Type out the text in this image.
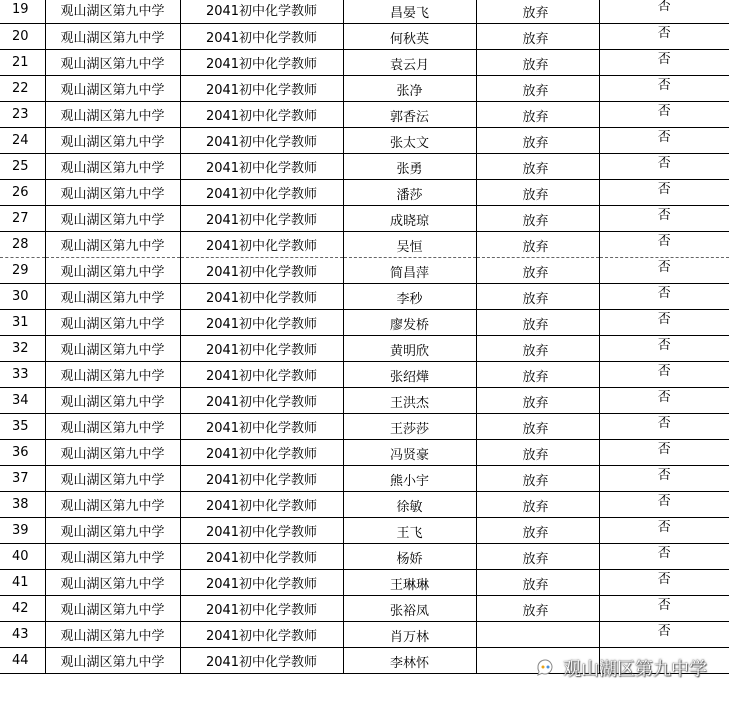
19	观山湖区第九中学	2041初中化学教师	昌晏飞	放弃	否
20	观山湖区第九中学	2041初中化学教师	何秋英	放弃	否
21	观山湖区第九中学	2041初中化学教师	袁云月	放弃	否
22	观山湖区第九中学	2041初中化学教师	张净	放弃	否
23	观山湖区第九中学	2041初中化学教师	郭香沄	放弃	否
24	观山湖区第九中学	2041初中化学教师	张太文	放弃	否
25	观山湖区第九中学	2041初中化学教师	张勇	放弃	否
26	观山湖区第九中学	2041初中化学教师	潘莎	放弃	否
27	观山湖区第九中学	2041初中化学教师	成晓琼	放弃	否
28	观山湖区第九中学	2041初中化学教师	吴恒	放弃	否
29	观山湖区第九中学	2041初中化学教师	简昌萍	放弃	否
30	观山湖区第九中学	2041初中化学教师	李秒	放弃	否
31	观山湖区第九中学	2041初中化学教师	廖发桥	放弃	否
32	观山湖区第九中学	2041初中化学教师	黄明欣	放弃	否
33	观山湖区第九中学	2041初中化学教师	张绍燁	放弃	否
34	观山湖区第九中学	2041初中化学教师	王洪杰	放弃	否
35	观山湖区第九中学	2041初中化学教师	王莎莎	放弃	否
36	观山湖区第九中学	2041初中化学教师	冯贤豪	放弃	否
37	观山湖区第九中学	2041初中化学教师	熊小宇	放弃	否
38	观山湖区第九中学	2041初中化学教师	徐敏	放弃	否
39	观山湖区第九中学	2041初中化学教师	王飞	放弃	否
40	观山湖区第九中学	2041初中化学教师	杨娇	放弃	否
41	观山湖区第九中学	2041初中化学教师	王琳琳	放弃	否
42	观山湖区第九中学	2041初中化学教师	张裕凤	放弃	否
43	观山湖区第九中学	2041初中化学教师	肖万林		否
44	观山湖区第九中学	2041初中化学教师	李林怀			观山湖区第九中学
